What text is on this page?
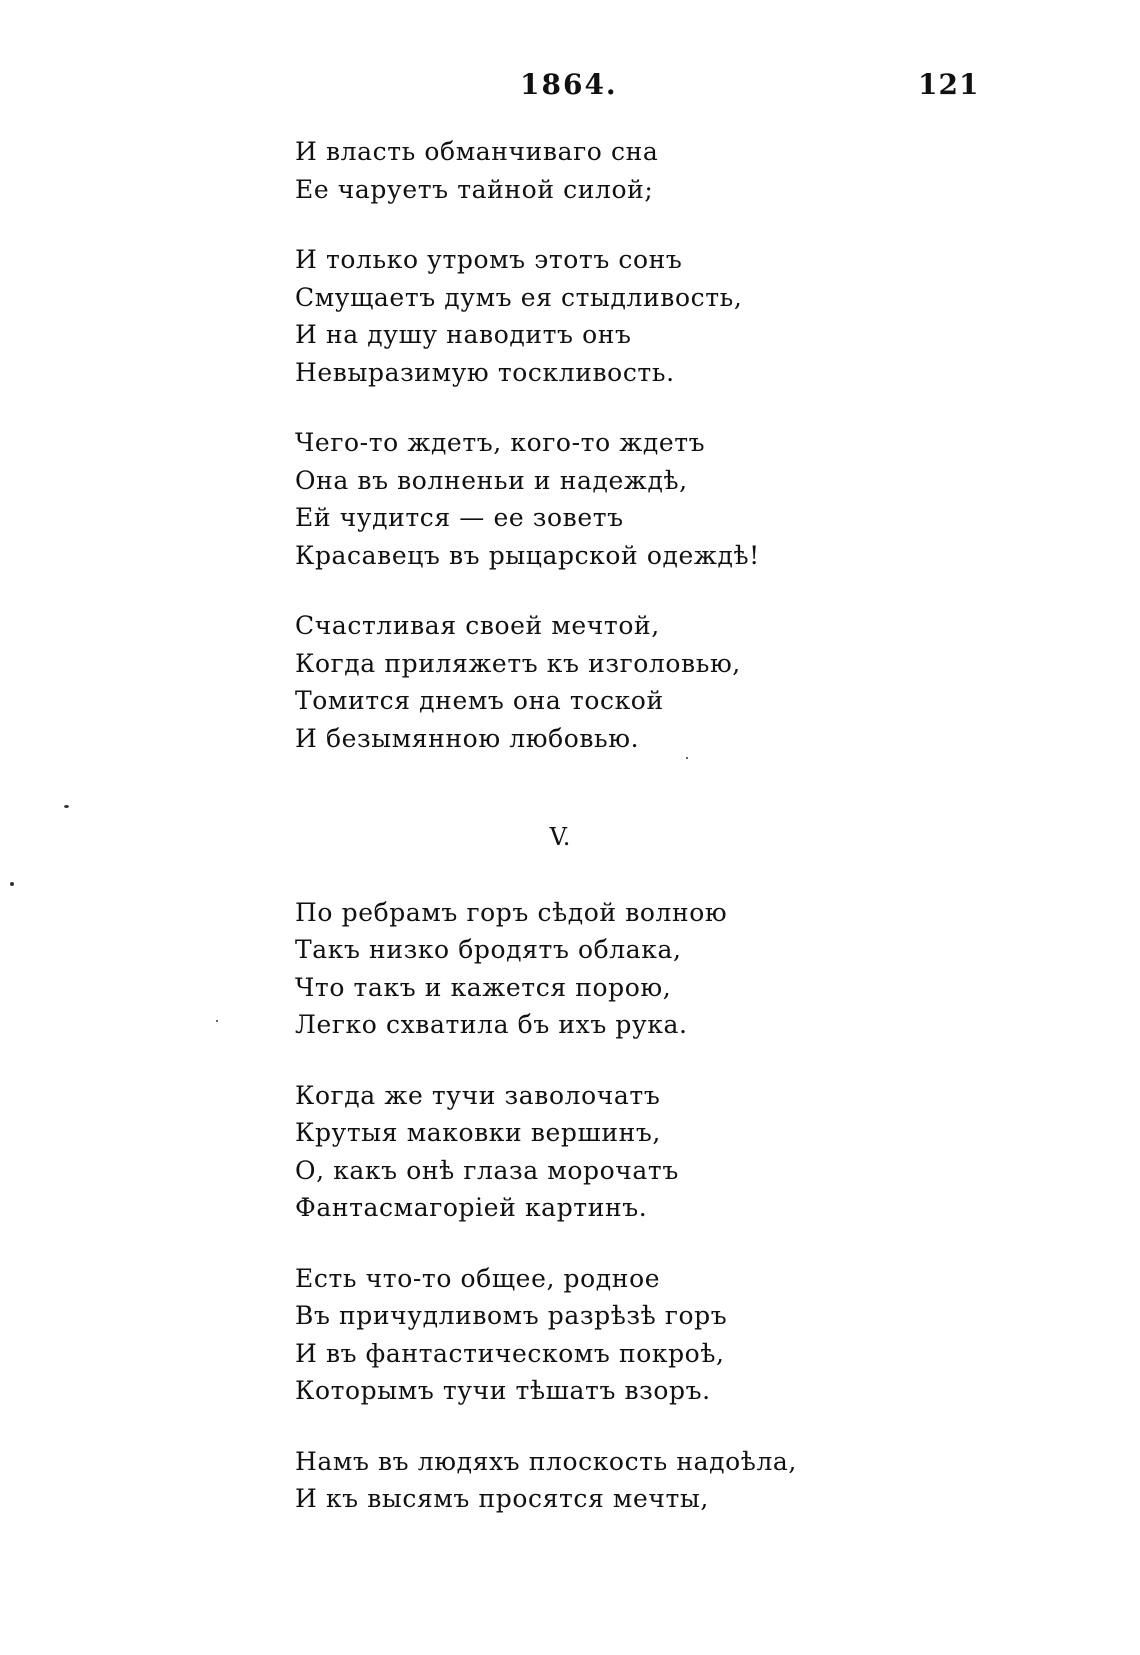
1864.	121
И власть обманчиваго сна
Ее чаруетъ тайной силой;
И только утромъ этотъ сонъ
Смущаетъ думъ ея стыдливость,
И на душу наводитъ онъ
Невыразимую тоскливость.
Чего-то ждетъ, кого-то ждетъ
Она въ волненьи и надеждѣ,
Ей чудится — ее зоветъ
Красавецъ въ рыцарской одеждѣ!
Счастливая своей мечтой,
Когда приляжетъ къ изголовью,
Томится днемъ она тоской
И безымянною любовью.
V.
По ребрамъ горъ сѣдой волною
Такъ низко бродятъ облака,
Что такъ и кажется порою,
Легко схватила бъ ихъ рука.
Когда же тучи заволочатъ
Крутыя маковки вершинъ,
О, какъ онѣ глаза морочатъ
Фантасмагоріей картинъ.
Есть что-то общее, родное
Въ причудливомъ разрѣзѣ горъ
И въ фантастическомъ покроѣ,
Которымъ тучи тѣшатъ взоръ.
Намъ въ людяхъ плоскость надоѣла,
И къ высямъ просятся мечты,
